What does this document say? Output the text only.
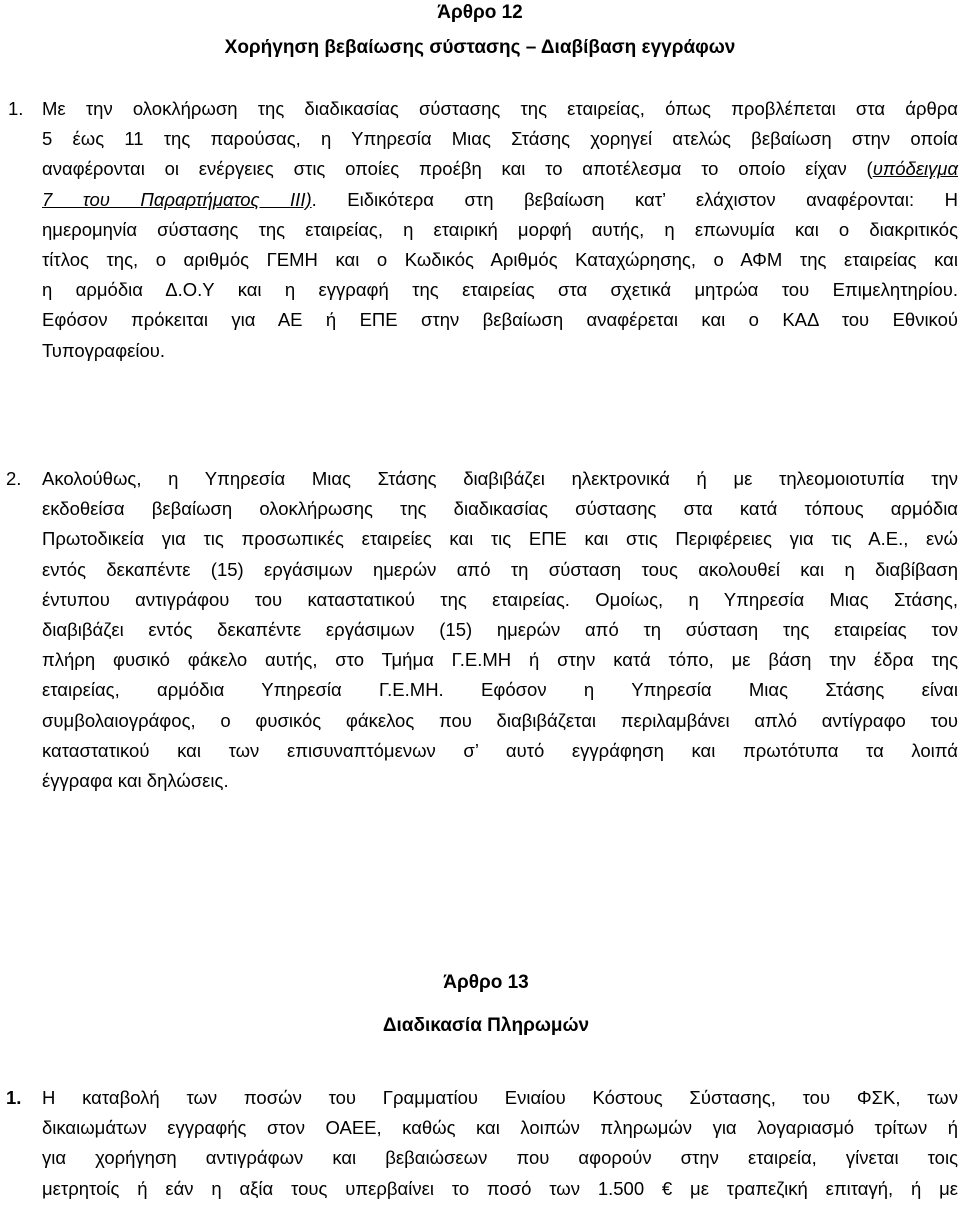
Άρθρο 12
Χορήγηση βεβαίωσης σύστασης – Διαβίβαση εγγράφων
1. Με την ολοκλήρωση της διαδικασίας σύστασης της εταιρείας, όπως προβλέπεται στα άρθρα
5 έως 11 της παρούσας, η Υπηρεσία Μιας Στάσης χορηγεί ατελώς βεβαίωση στην οποία
αναφέρονται οι ενέργειες στις οποίες προέβη και το αποτέλεσμα το οποίο είχαν (υπόδειγμα
7 του Παραρτήματος ΙΙΙ). Ειδικότερα στη βεβαίωση κατ’ ελάχιστον αναφέρονται: Η
ημερομηνία σύστασης της εταιρείας, η εταιρική μορφή αυτής, η επωνυμία και ο διακριτικός
τίτλος της, ο αριθμός ΓΕΜΗ και ο Κωδικός Αριθμός Καταχώρησης, ο ΑΦΜ της εταιρείας και
η αρμόδια Δ.Ο.Υ και η εγγραφή της εταιρείας στα σχετικά μητρώα του Επιμελητηρίου.
Εφόσον πρόκειται για ΑΕ ή ΕΠΕ στην βεβαίωση αναφέρεται και ο ΚΑΔ του Εθνικού
Τυπογραφείου.
2. Ακολούθως, η Υπηρεσία Μιας Στάσης διαβιβάζει ηλεκτρονικά ή με τηλεομοιοτυπία την
εκδοθείσα βεβαίωση ολοκλήρωσης της διαδικασίας σύστασης στα κατά τόπους αρμόδια
Πρωτοδικεία για τις προσωπικές εταιρείες και τις ΕΠΕ και στις Περιφέρειες για τις Α.Ε., ενώ
εντός δεκαπέντε (15) εργάσιμων ημερών από τη σύσταση τους ακολουθεί και η διαβίβαση
έντυπου αντιγράφου του καταστατικού της εταιρείας. Ομοίως, η Υπηρεσία Μιας Στάσης,
διαβιβάζει εντός δεκαπέντε εργάσιμων (15) ημερών από τη σύσταση της εταιρείας τον
πλήρη φυσικό φάκελο αυτής, στο Τμήμα Γ.Ε.ΜΗ ή στην κατά τόπο, με βάση την έδρα της
εταιρείας, αρμόδια Υπηρεσία Γ.Ε.ΜΗ. Εφόσον η Υπηρεσία Μιας Στάσης είναι
συμβολαιογράφος, ο φυσικός φάκελος που διαβιβάζεται περιλαμβάνει απλό αντίγραφο του
καταστατικού και των επισυναπτόμενων σ’ αυτό εγγράφηση και πρωτότυπα τα λοιπά
έγγραφα και δηλώσεις.
Άρθρο 13
Διαδικασία Πληρωμών
1. Η καταβολή των ποσών του Γραμματίου Ενιαίου Κόστους Σύστασης, του ΦΣΚ, των
δικαιωμάτων εγγραφής στον ΟΑΕΕ, καθώς και λοιπών πληρωμών για λογαριασμό τρίτων ή
για χορήγηση αντιγράφων και βεβαιώσεων που αφορούν στην εταιρεία, γίνεται τοις
μετρητοίς ή εάν η αξία τους υπερβαίνει το ποσό των 1.500 € με τραπεζική επιταγή, ή με
